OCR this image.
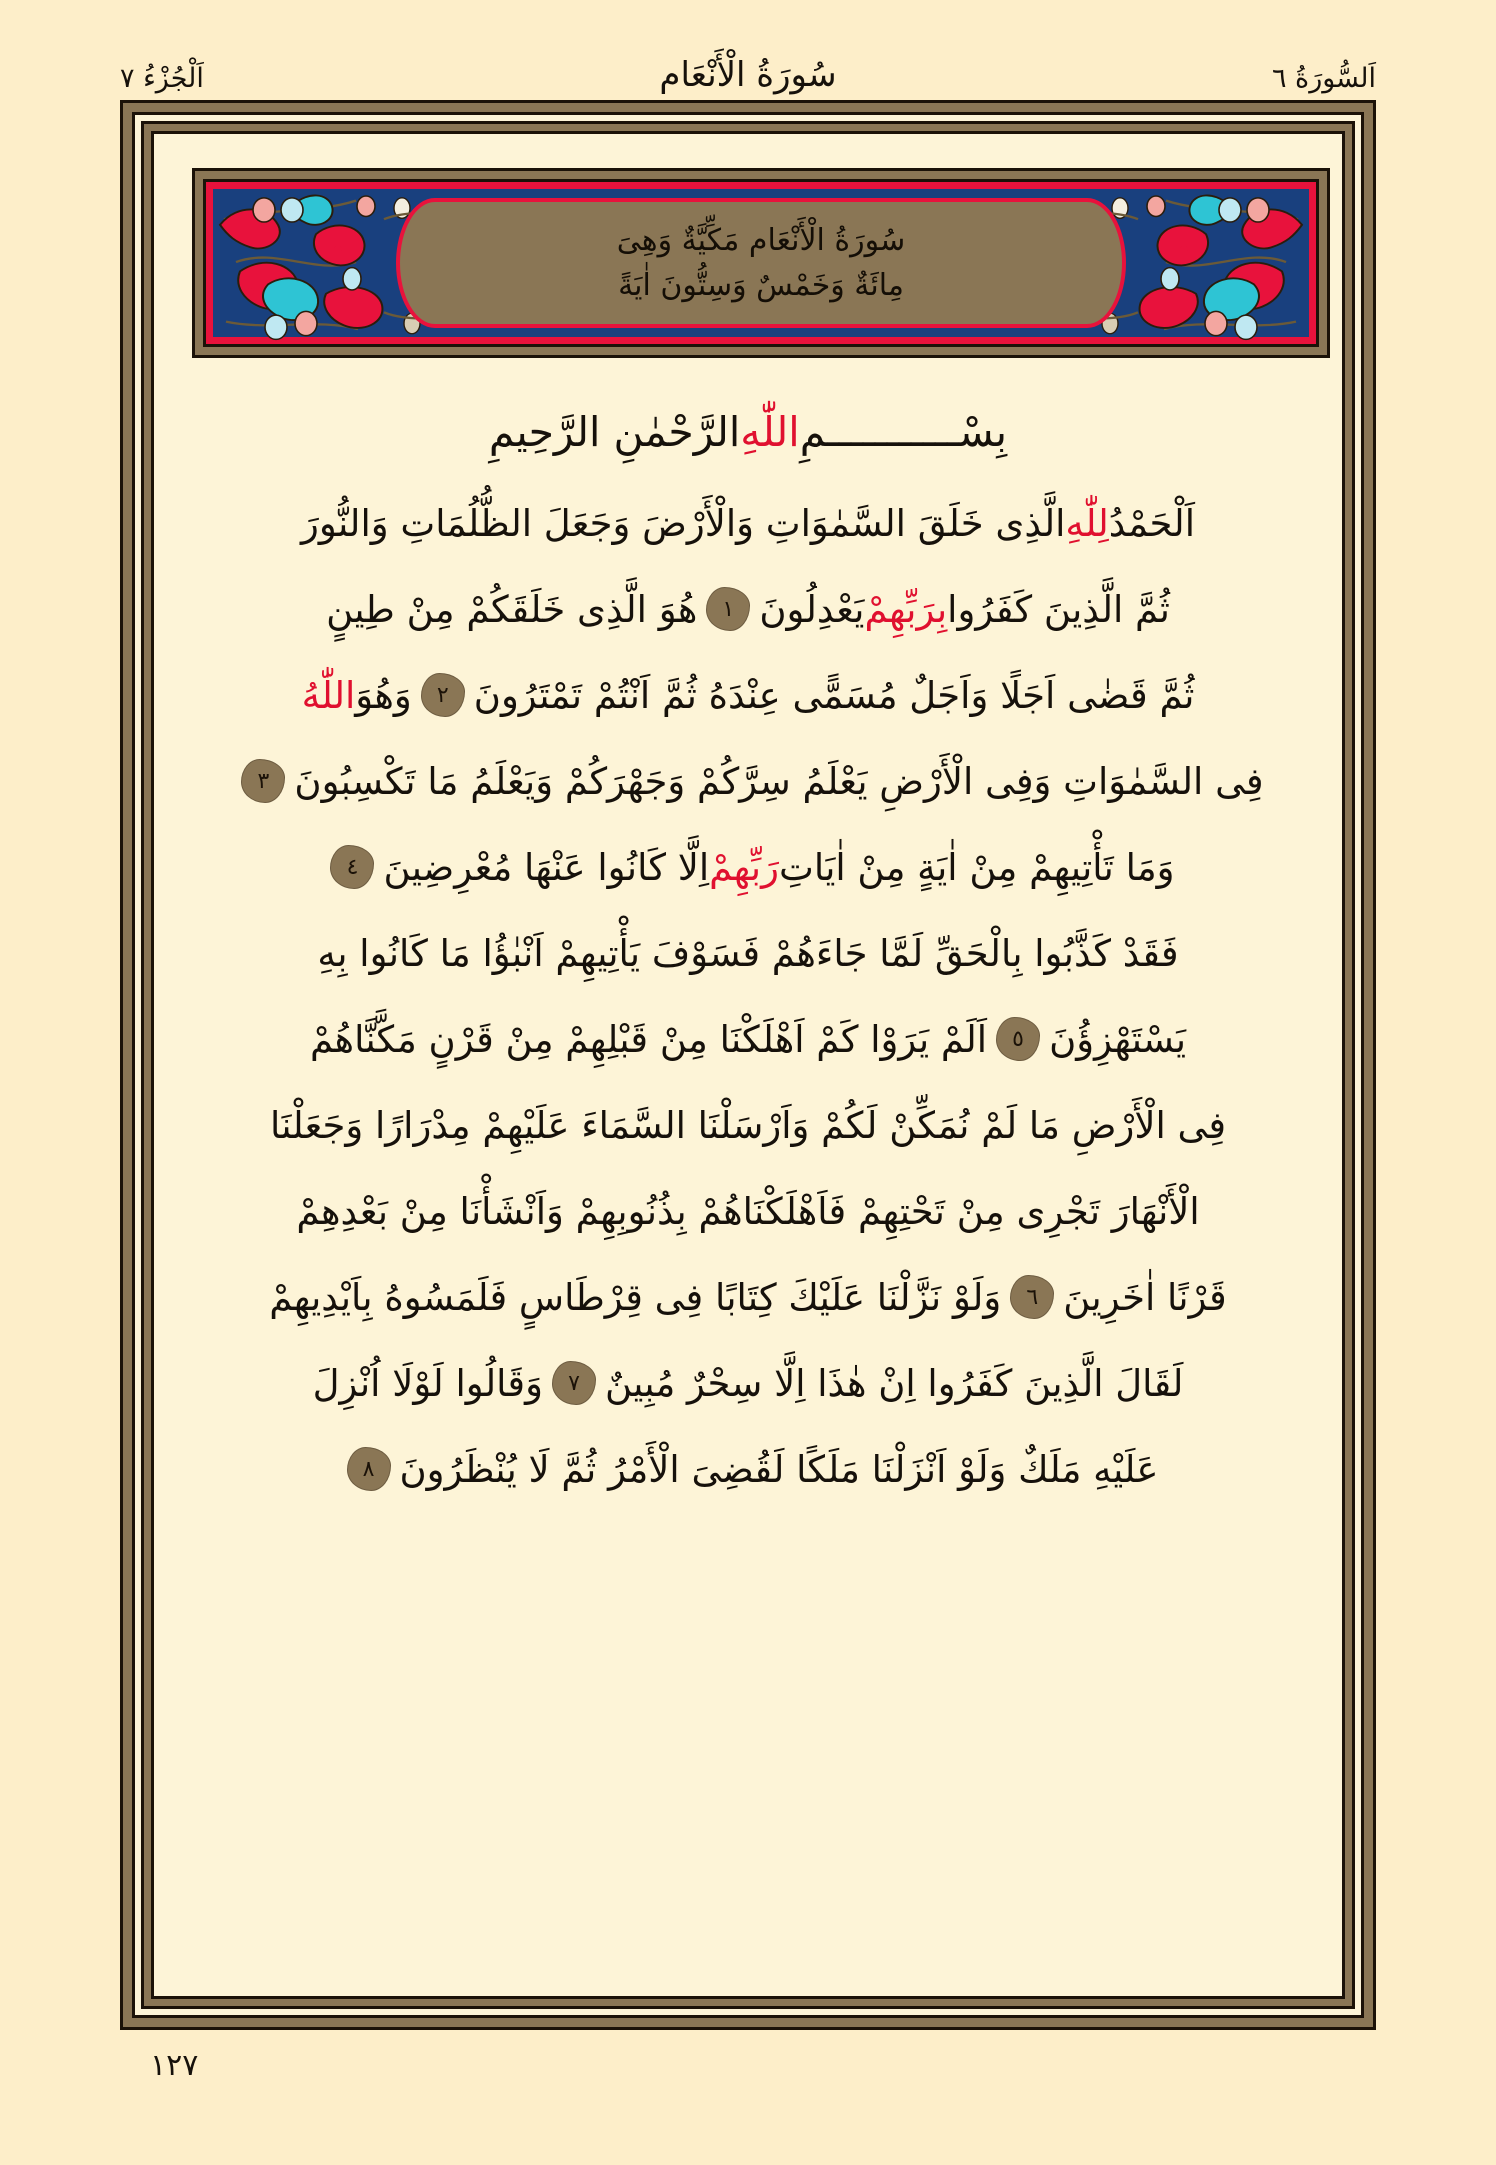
اَلسُّورَةُ ٦
سُورَةُ الْأَنْعَام
اَلْجُزْءُ ٧
سُورَةُ الْأَنْعَام مَكِّيَّةٌ وَهِىَ
مِائَةٌ وَخَمْسٌ وَسِتُّونَ اٰيَةً
بِسْـــــــــــمِ
اللّٰهِ
الرَّحْمٰنِ الرَّحِيمِ
اَلْحَمْدُ
لِلّٰهِ
الَّذِى خَلَقَ السَّمٰوَاتِ وَالْأَرْضَ وَجَعَلَ الظُّلُمَاتِ وَالنُّورَ
ثُمَّ الَّذِينَ كَفَرُوا
بِرَبِّهِمْ
يَعْدِلُونَ
١
هُوَ الَّذِى خَلَقَكُمْ مِنْ طِينٍ
ثُمَّ قَضٰى اَجَلًا وَاَجَلٌ مُسَمًّى عِنْدَهُ ثُمَّ اَنْتُمْ تَمْتَرُونَ
٢
وَهُوَ
اللّٰهُ
فِى السَّمٰوَاتِ وَفِى الْأَرْضِ يَعْلَمُ سِرَّكُمْ وَجَهْرَكُمْ وَيَعْلَمُ مَا تَكْسِبُونَ
٣
وَمَا تَأْتِيهِمْ مِنْ اٰيَةٍ مِنْ اٰيَاتِ
رَبِّهِمْ
اِلَّا كَانُوا عَنْهَا مُعْرِضِينَ
٤
فَقَدْ كَذَّبُوا بِالْحَقِّ لَمَّا جَاءَهُمْ فَسَوْفَ يَأْتِيهِمْ اَنْبٰؤُا مَا كَانُوا بِهِ
يَسْتَهْزِؤُنَ
٥
اَلَمْ يَرَوْا كَمْ اَهْلَكْنَا مِنْ قَبْلِهِمْ مِنْ قَرْنٍ مَكَّنَّاهُمْ
فِى الْأَرْضِ مَا لَمْ نُمَكِّنْ لَكُمْ وَاَرْسَلْنَا السَّمَاءَ عَلَيْهِمْ مِدْرَارًا وَجَعَلْنَا
الْأَنْهَارَ تَجْرِى مِنْ تَحْتِهِمْ فَاَهْلَكْنَاهُمْ بِذُنُوبِهِمْ وَاَنْشَأْنَا مِنْ بَعْدِهِمْ
قَرْنًا اٰخَرِينَ
٦
وَلَوْ نَزَّلْنَا عَلَيْكَ كِتَابًا فِى قِرْطَاسٍ فَلَمَسُوهُ بِاَيْدِيهِمْ
لَقَالَ الَّذِينَ كَفَرُوا اِنْ هٰذَا اِلَّا سِحْرٌ مُبِينٌ
٧
وَقَالُوا لَوْلَا اُنْزِلَ
عَلَيْهِ مَلَكٌ وَلَوْ اَنْزَلْنَا مَلَكًا لَقُضِىَ الْأَمْرُ ثُمَّ لَا يُنْظَرُونَ
٨
١٢٧
